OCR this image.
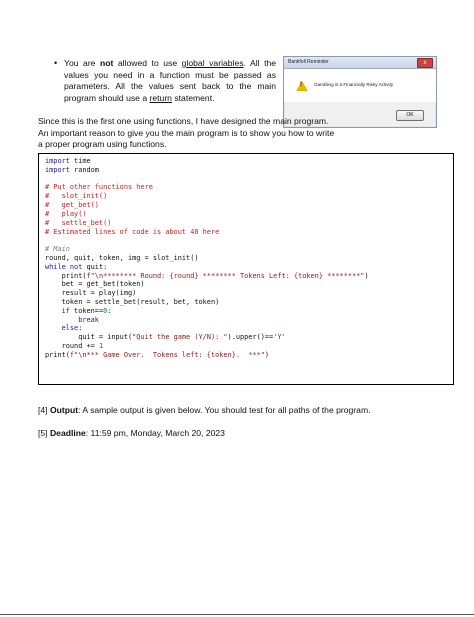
• You are not allowed to use global variables. All the values you need in a function must be passed as parameters. All the values sent back to the main program should use a return statement.
Bankfoll Reminder	x
!	Gambling is a Financially Risky Activity
OK
Since this is the first one using functions, I have designed the main program. An important reason to give you the main program is to show you how to write a proper program using functions.
import time
import random
# Put other functions here
#   slot_init()
#   get_bet()
#   play()
#   settle_bet()
# Estimated lines of code is about 40 here
# Main
round, quit, token, img = slot_init()
while not quit:
print(f"\n******** Round: {round} ******** Tokens Left: {token} ********")
bet = get_bet(token)
result = play(img)
token = settle_bet(result, bet, token)
if token==0:
break
else:
quit = input("Quit the game (Y/N): ").upper()=='Y'
round += 1
print(f"\n*** Game Over.  Tokens left: {token}.  ***")
[4] Output: A sample output is given below. You should test for all paths of the program.
[5] Deadline: 11:59 pm, Monday, March 20, 2023
